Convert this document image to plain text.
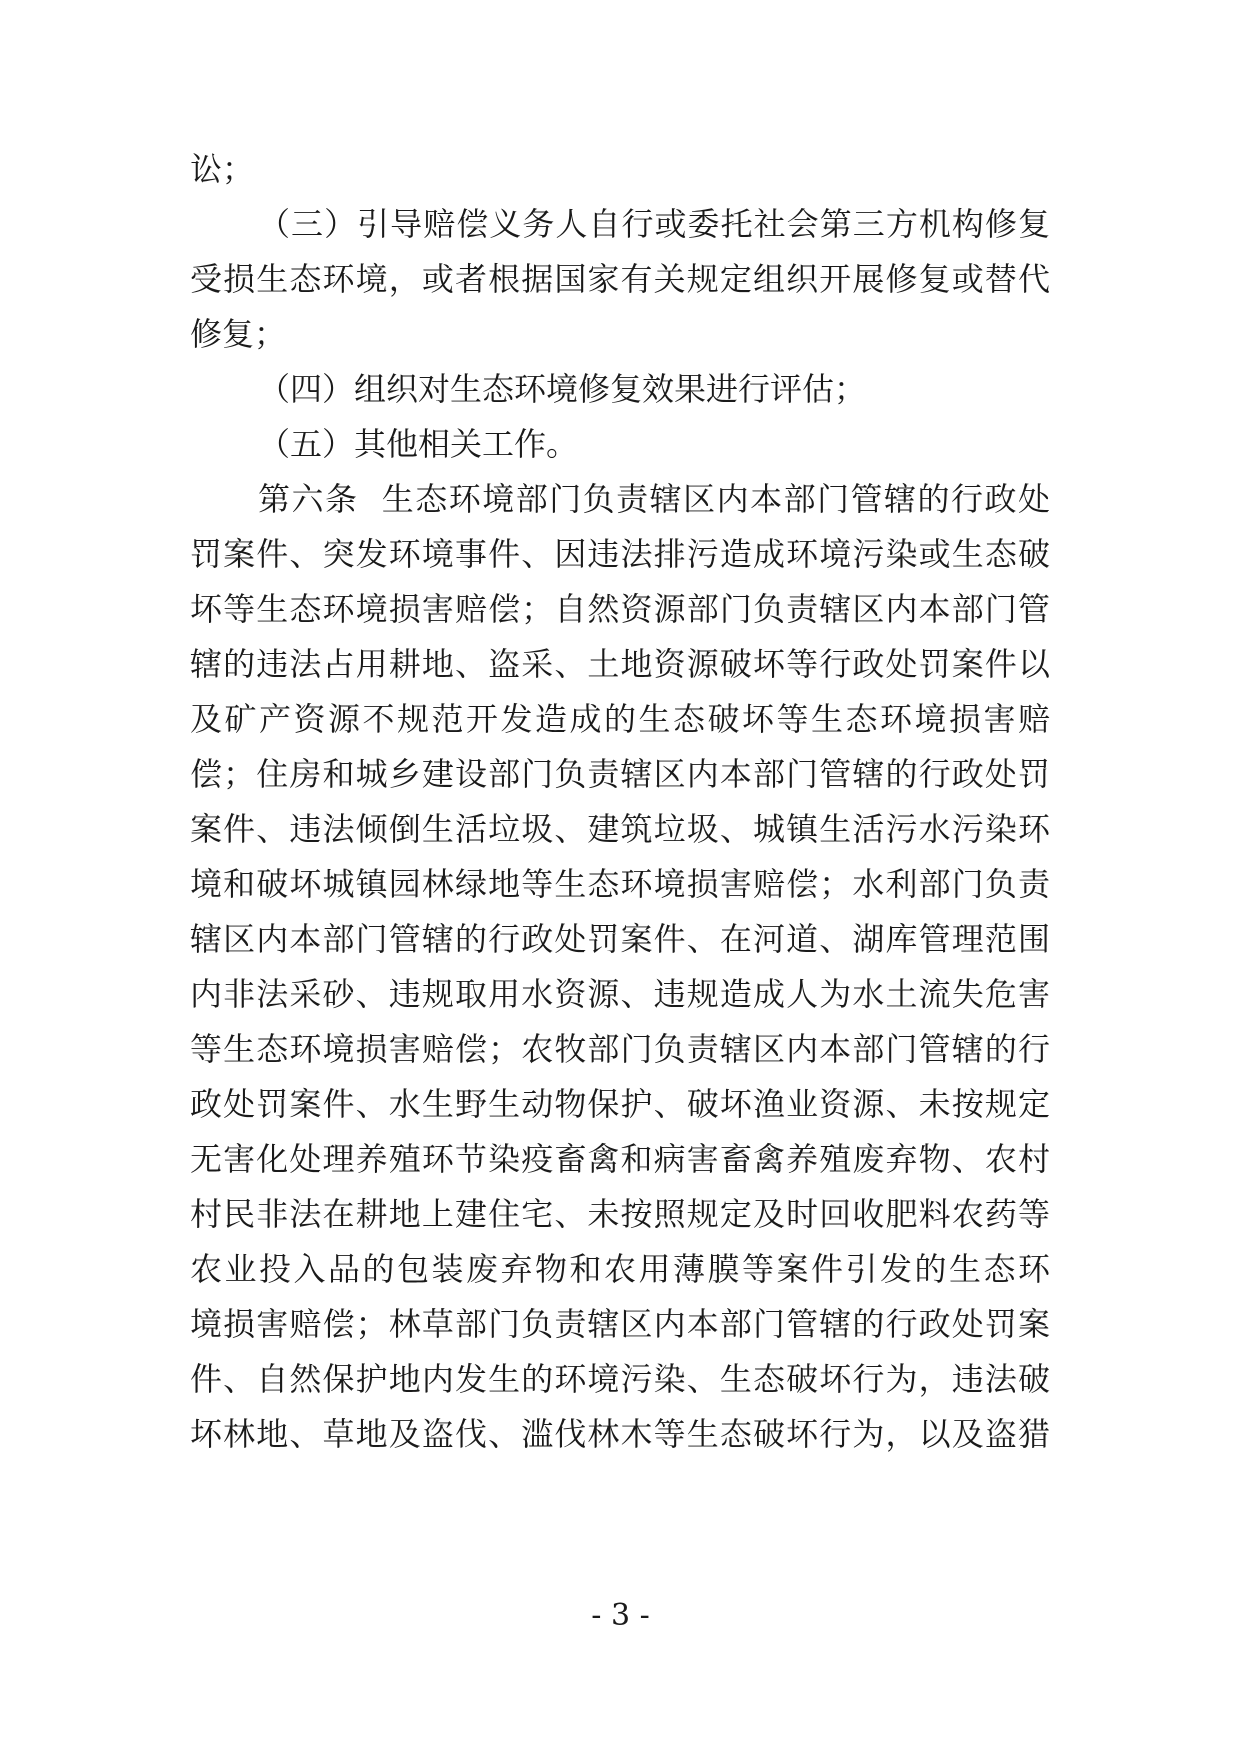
讼；
（三）引导赔偿义务人自行或委托社会第三方机构修复
受损生态环境，或者根据国家有关规定组织开展修复或替代
修复；
（四）组织对生态环境修复效果进行评估；
（五）其他相关工作。
第六条  生态环境部门负责辖区内本部门管辖的行政处
罚案件、突发环境事件、因违法排污造成环境污染或生态破
坏等生态环境损害赔偿；自然资源部门负责辖区内本部门管
辖的违法占用耕地、盗采、土地资源破坏等行政处罚案件以
及矿产资源不规范开发造成的生态破坏等生态环境损害赔
偿；住房和城乡建设部门负责辖区内本部门管辖的行政处罚
案件、违法倾倒生活垃圾、建筑垃圾、城镇生活污水污染环
境和破坏城镇园林绿地等生态环境损害赔偿；水利部门负责
辖区内本部门管辖的行政处罚案件、在河道、湖库管理范围
内非法采砂、违规取用水资源、违规造成人为水土流失危害
等生态环境损害赔偿；农牧部门负责辖区内本部门管辖的行
政处罚案件、水生野生动物保护、破坏渔业资源、未按规定
无害化处理养殖环节染疫畜禽和病害畜禽养殖废弃物、农村
村民非法在耕地上建住宅、未按照规定及时回收肥料农药等
农业投入品的包装废弃物和农用薄膜等案件引发的生态环
境损害赔偿；林草部门负责辖区内本部门管辖的行政处罚案
件、自然保护地内发生的环境污染、生态破坏行为，违法破
坏林地、草地及盗伐、滥伐林木等生态破坏行为，以及盗猎
- 3 -
